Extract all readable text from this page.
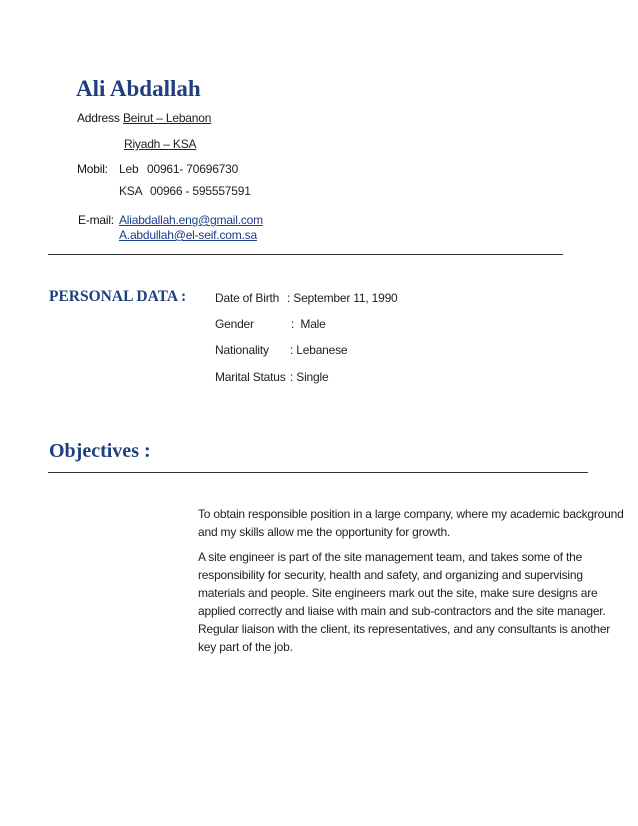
Ali Abdallah
Address :
Beirut – Lebanon
Riyadh – KSA
Mobil: Leb 00961- 70696730
KSA 00966 - 595557591
E-mail: Aliabdallah.eng@gmail.com
A.abdullah@el-seif.com.sa
PERSONAL DATA : Date of Birth : September 11, 1990
Gender	:  Male
Nationality : Lebanese
Marital Status : Single
Objectives :
To obtain responsible position in a large company, where my academic background and my skills allow me the opportunity for growth.
A site engineer is part of the site management team, and takes some of the responsibility for security, health and safety, and organizing and supervising materials and people. Site engineers mark out the site, make sure designs are applied correctly and liaise with main and sub-contractors and the site manager. Regular liaison with the client, its representatives, and any consultants is another key part of the job.
